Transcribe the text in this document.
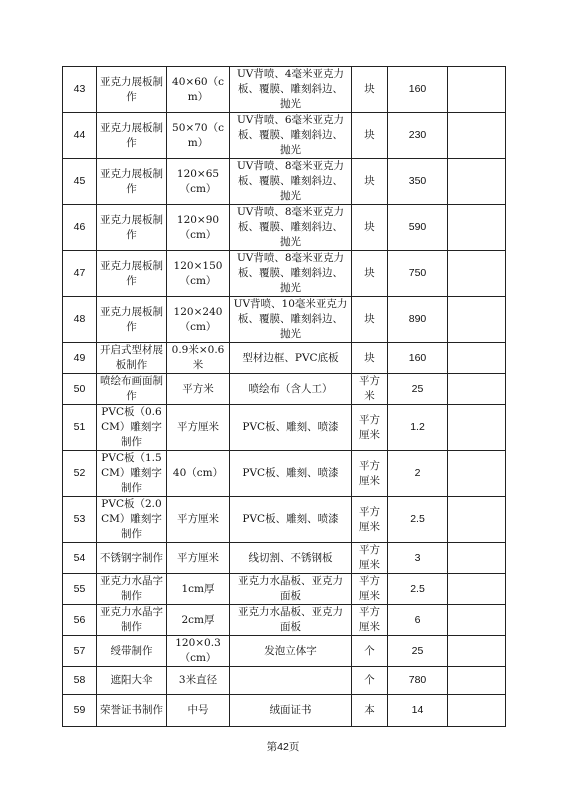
43	亚克力展板制作	40×60（cm）	UV背喷、4毫米亚克力板、覆膜、雕刻斜边、抛光	块	160	
44	亚克力展板制作	50×70（cm）	UV背喷、6毫米亚克力板、覆膜、雕刻斜边、抛光	块	230	
45	亚克力展板制作	120×65（cm）	UV背喷、8毫米亚克力板、覆膜、雕刻斜边、抛光	块	350	
46	亚克力展板制作	120×90（cm）	UV背喷、8毫米亚克力板、覆膜、雕刻斜边、抛光	块	590	
47	亚克力展板制作	120×150（cm）	UV背喷、8毫米亚克力板、覆膜、雕刻斜边、抛光	块	750	
48	亚克力展板制作	120×240（cm）	UV背喷、10毫米亚克力板、覆膜、雕刻斜边、抛光	块	890	
49	开启式型材展板制作	0.9米×0.6米	型材边框、PVC底板	块	160	
50	喷绘布画面制作	平方米	喷绘布（含人工）	平方米	25	
51	PVC板（0.6CM）雕刻字制作	平方厘米	PVC板、雕刻、喷漆	平方厘米	1.2	
52	PVC板（1.5CM）雕刻字制作	40（cm）	PVC板、雕刻、喷漆	平方厘米	2	
53	PVC板（2.0CM）雕刻字制作	平方厘米	PVC板、雕刻、喷漆	平方厘米	2.5	
54	不锈钢字制作	平方厘米	线切割、不锈钢板	平方厘米	3	
55	亚克力水晶字制作	1cm厚	亚克力水晶板、亚克力面板	平方厘米	2.5	
56	亚克力水晶字制作	2cm厚	亚克力水晶板、亚克力面板	平方厘米	6	
57	绶带制作	120×0.3（cm）	发泡立体字	个	25	
58	遮阳大伞	3米直径		个	780	
59	荣誉证书制作	中号	绒面证书	本	14	
第42页
